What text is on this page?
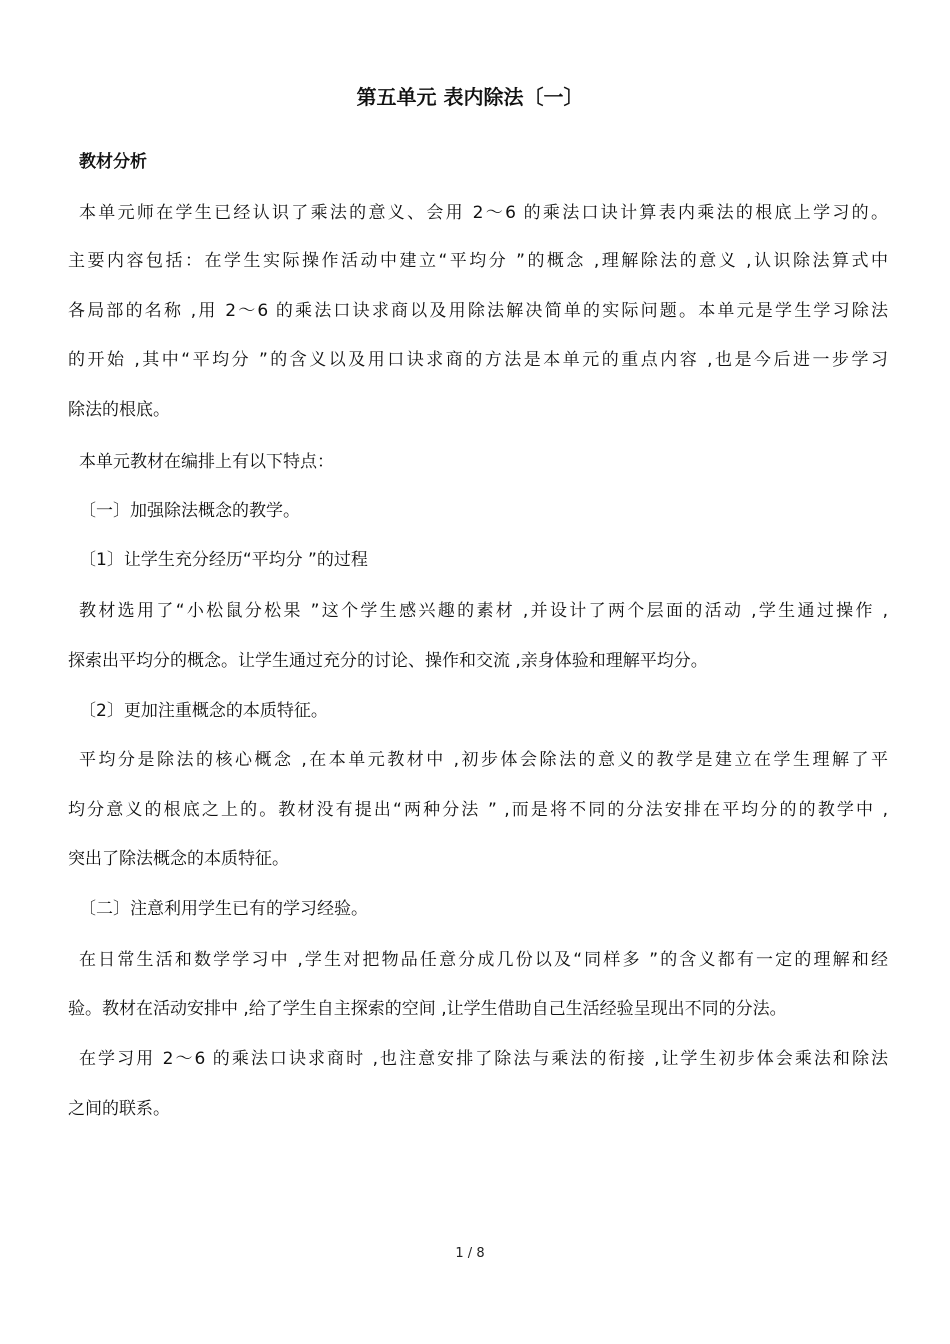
第五单元 表内除法〔一〕
教材分析
本单元师在学生已经认识了乘法的意义、会用 2～6 的乘法口诀计算表内乘法的根底上学习的。
主要内容包括：在学生实际操作活动中建立“平均分 ”的概念 ,理解除法的意义 ,认识除法算式中
各局部的名称 ,用 2～6 的乘法口诀求商以及用除法解决简单的实际问题。本单元是学生学习除法
的开始 ,其中“平均分 ”的含义以及用口诀求商的方法是本单元的重点内容 ,也是今后进一步学习
除法的根底。
本单元教材在编排上有以下特点：
〔一〕加强除法概念的教学。
〔1〕让学生充分经历“平均分 ”的过程
教材选用了“小松鼠分松果 ”这个学生感兴趣的素材 ,并设计了两个层面的活动 ,学生通过操作 ,
探索出平均分的概念。让学生通过充分的讨论、操作和交流 ,亲身体验和理解平均分。
〔2〕更加注重概念的本质特征。
平均分是除法的核心概念 ,在本单元教材中 ,初步体会除法的意义的教学是建立在学生理解了平
均分意义的根底之上的。教材没有提出“两种分法 ” ,而是将不同的分法安排在平均分的的教学中 ,
突出了除法概念的本质特征。
〔二〕注意利用学生已有的学习经验。
在日常生活和数学学习中 ,学生对把物品任意分成几份以及“同样多 ”的含义都有一定的理解和经
验。教材在活动安排中 ,给了学生自主探索的空间 ,让学生借助自己生活经验呈现出不同的分法。
在学习用 2～6 的乘法口诀求商时 ,也注意安排了除法与乘法的衔接 ,让学生初步体会乘法和除法
之间的联系。
1 / 8
